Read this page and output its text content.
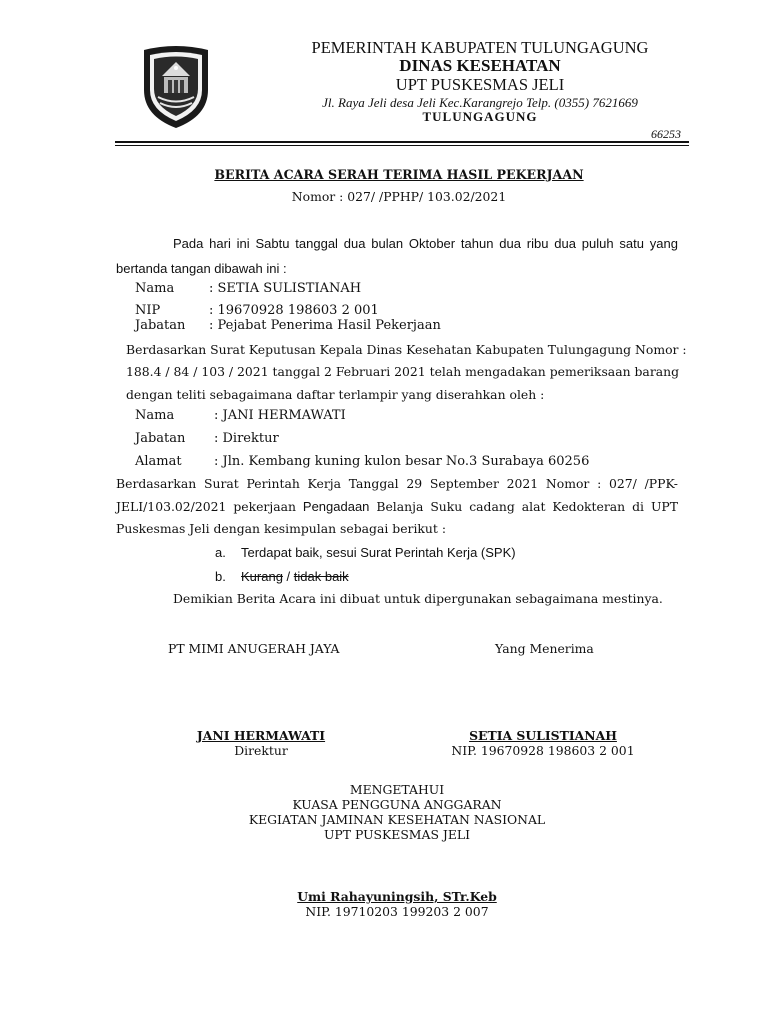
PEMERINTAH KABUPATEN TULUNGAGUNG
DINAS KESEHATAN
UPT PUSKESMAS JELI
Jl. Raya Jeli desa Jeli Kec.Karangrejo Telp. (0355) 7621669
TULUNGAGUNG
66253
BERITA ACARA SERAH TERIMA HASIL PEKERJAAN
Nomor : 027/ /PPHP/ 103.02/2021
Pada hari ini Sabtu tanggal dua bulan Oktober tahun dua ribu dua puluh satu yang
bertanda tangan dibawah ini :
Nama	: SETIA SULISTIANAH
NIP	: 19670928 198603 2 001
Jabatan : Pejabat Penerima Hasil Pekerjaan
Berdasarkan Surat Keputusan Kepala Dinas Kesehatan Kabupaten Tulungagung Nomor :
188.4 / 84 / 103 / 2021 tanggal 2 Februari 2021 telah mengadakan pemeriksaan barang
dengan teliti sebagaimana daftar terlampir yang diserahkan oleh :
Nama	: JANI HERMAWATI
Jabatan : Direktur
Alamat : Jln. Kembang kuning kulon besar No.3 Surabaya 60256
Berdasarkan Surat Perintah Kerja Tanggal 29 September 2021 Nomor : 027/ /PPK-
JELI/103.02/2021 pekerjaan Pengadaan Belanja Suku cadang alat Kedokteran di UPT
Puskesmas Jeli dengan kesimpulan sebagai berikut :
a. Terdapat baik, sesui Surat Perintah Kerja (SPK)
b. Kurang / tidak baik
Demikian Berita Acara ini dibuat untuk dipergunakan sebagaimana mestinya.
PT MIMI ANUGERAH JAYA	Yang Menerima
JANI HERMAWATI
Direktur
SETIA SULISTIANAH
NIP. 19670928 198603 2 001
MENGETAHUI
KUASA PENGGUNA ANGGARAN
KEGIATAN JAMINAN KESEHATAN NASIONAL
UPT PUSKESMAS JELI
Umi Rahayuningsih, STr.Keb
NIP. 19710203 199203 2 007
